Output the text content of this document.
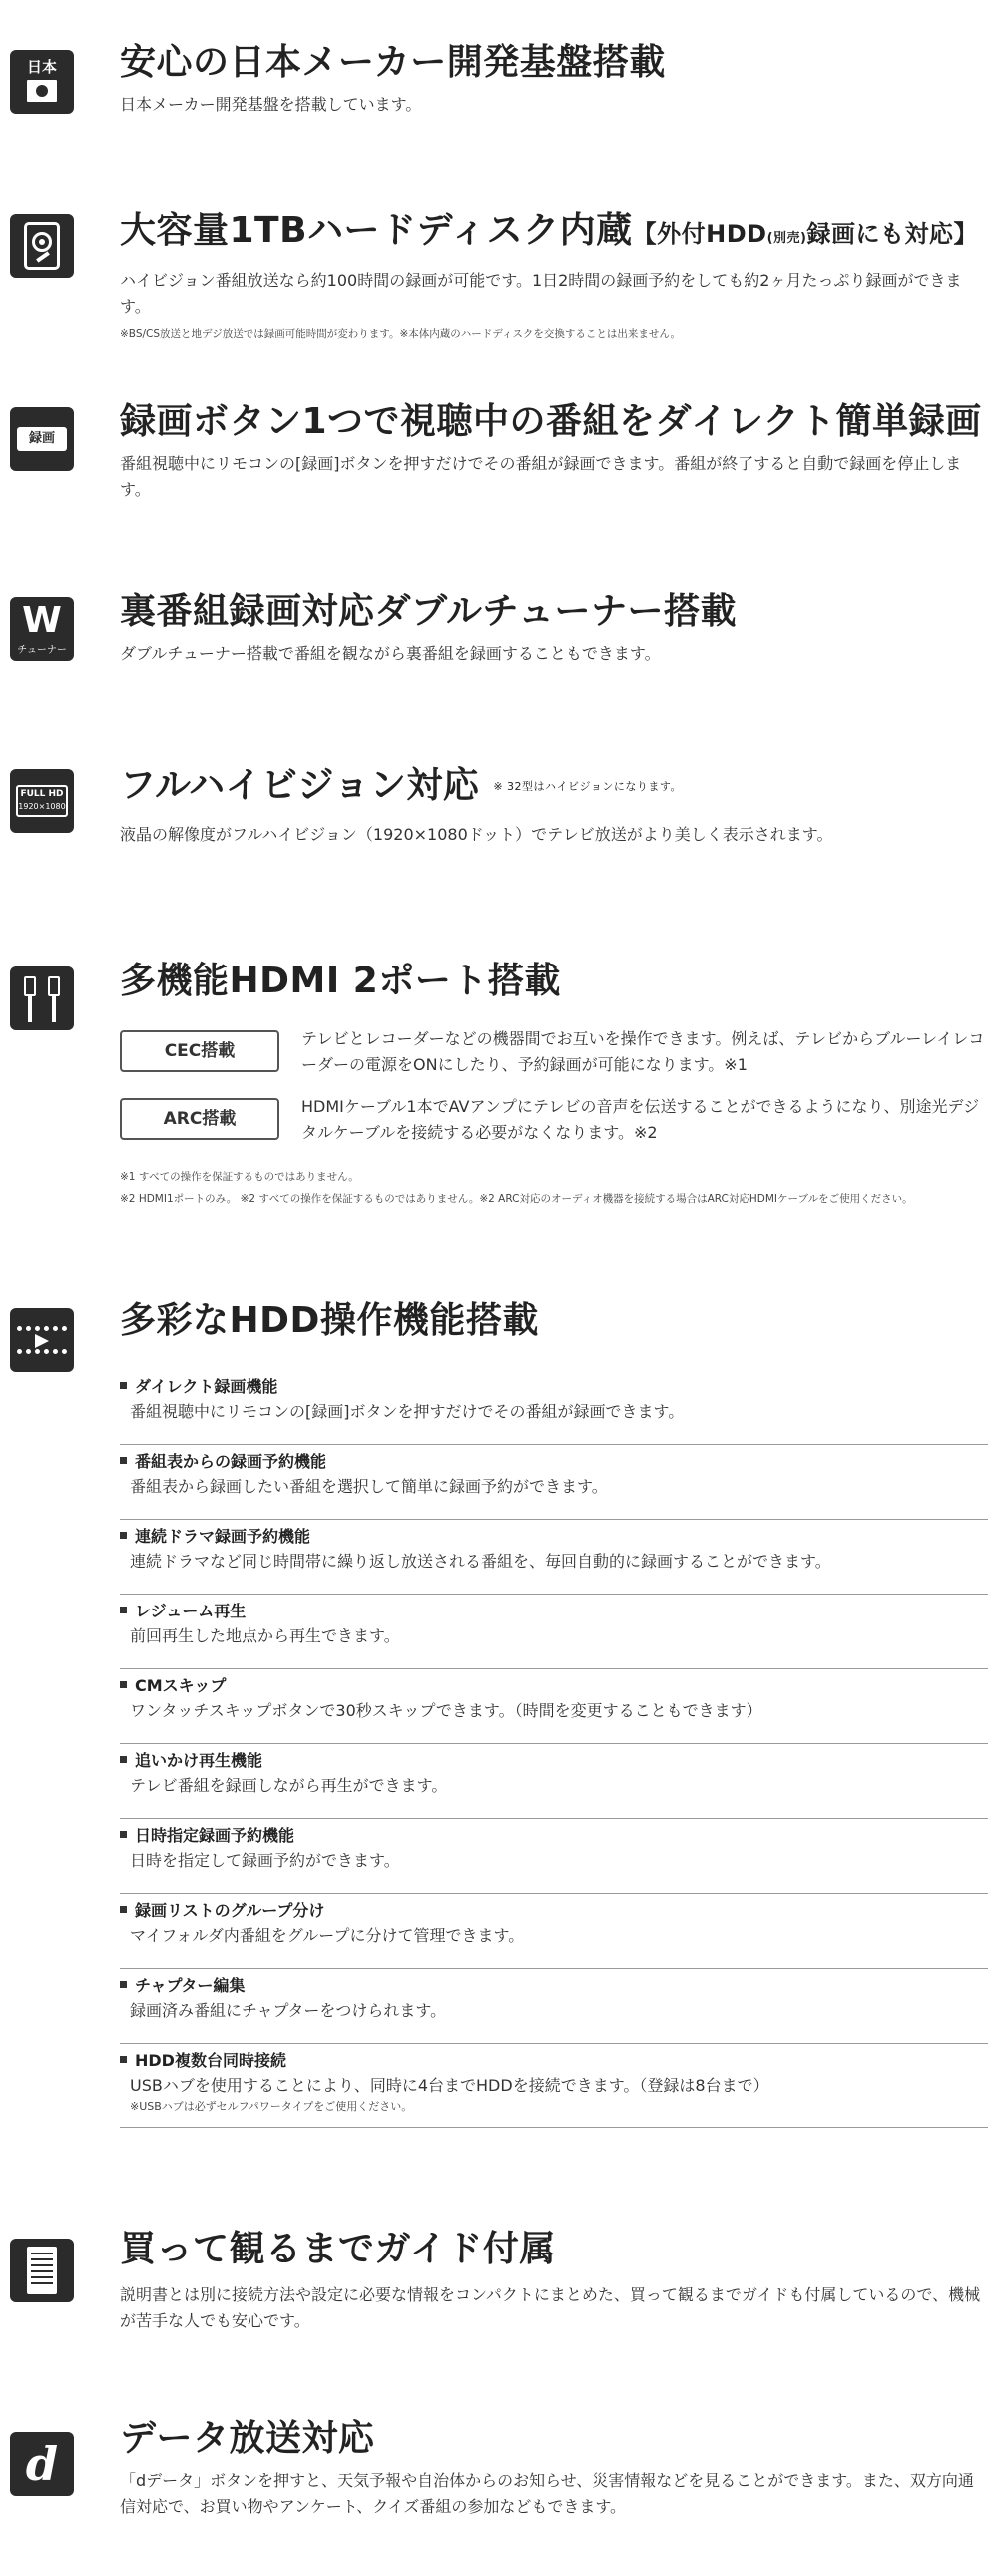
日本	安心の日本メーカー開発基盤搭載
日本メーカー開発基盤を搭載しています。
大容量1TBハードディスク内蔵【外付HDD(別売)録画にも対応】
ハイビジョン番組放送なら約100時間の録画が可能です。1日2時間の録画予約をしても約2ヶ月たっぷり録画ができます。
※BS/CS放送と地デジ放送では録画可能時間が変わります。※本体内蔵のハードディスクを交換することは出来ません。
録画	録画ボタン1つで視聴中の番組をダイレクト簡単録画
番組視聴中にリモコンの[録画]ボタンを押すだけでその番組が録画できます。番組が終了すると自動で録画を停止します。
W
チューナー
裏番組録画対応ダブルチューナー搭載
ダブルチューナー搭載で番組を観ながら裏番組を録画することもできます。
FULL HD
1920×1080
フルハイビジョン対応 ※ 32型はハイビジョンになります。
液晶の解像度がフルハイビジョン（1920×1080ドット）でテレビ放送がより美しく表示されます。
多機能HDMI 2ポート搭載
CEC搭載
テレビとレコーダーなどの機器間でお互いを操作できます。例えば、テレビからブルーレイレコーダーの電源をONにしたり、予約録画が可能になります。※1
ARC搭載
HDMIケーブル1本でAVアンプにテレビの音声を伝送することができるようになり、別途光デジタルケーブルを接続する必要がなくなります。※2
※1 すべての操作を保証するものではありません。
※2 HDMI1ポートのみ。 ※2 すべての操作を保証するものではありません。※2 ARC対応のオーディオ機器を接続する場合はARC対応HDMIケーブルをご使用ください。
多彩なHDD操作機能搭載
ダイレクト録画機能
番組視聴中にリモコンの[録画]ボタンを押すだけでその番組が録画できます。
番組表からの録画予約機能
番組表から録画したい番組を選択して簡単に録画予約ができます。
連続ドラマ録画予約機能
連続ドラマなど同じ時間帯に繰り返し放送される番組を、毎回自動的に録画することができます。
レジューム再生
前回再生した地点から再生できます。
CMスキップ
ワンタッチスキップボタンで30秒スキップできます。（時間を変更することもできます）
追いかけ再生機能
テレビ番組を録画しながら再生ができます。
日時指定録画予約機能
日時を指定して録画予約ができます。
録画リストのグループ分け
マイフォルダ内番組をグループに分けて管理できます。
チャプター編集
録画済み番組にチャプターをつけられます。
HDD複数台同時接続
USBハブを使用することにより、同時に4台までHDDを接続できます。（登録は8台まで）
※USBハブは必ずセルフパワータイプをご使用ください。
買って観るまでガイド付属
説明書とは別に接続方法や設定に必要な情報をコンパクトにまとめた、買って観るまでガイドも付属しているので、機械が苦手な人でも安心です。
d	データ放送対応
「dデータ」ボタンを押すと、天気予報や自治体からのお知らせ、災害情報などを見ることができます。また、双方向通信対応で、お買い物やアンケート、クイズ番組の参加などもできます。
